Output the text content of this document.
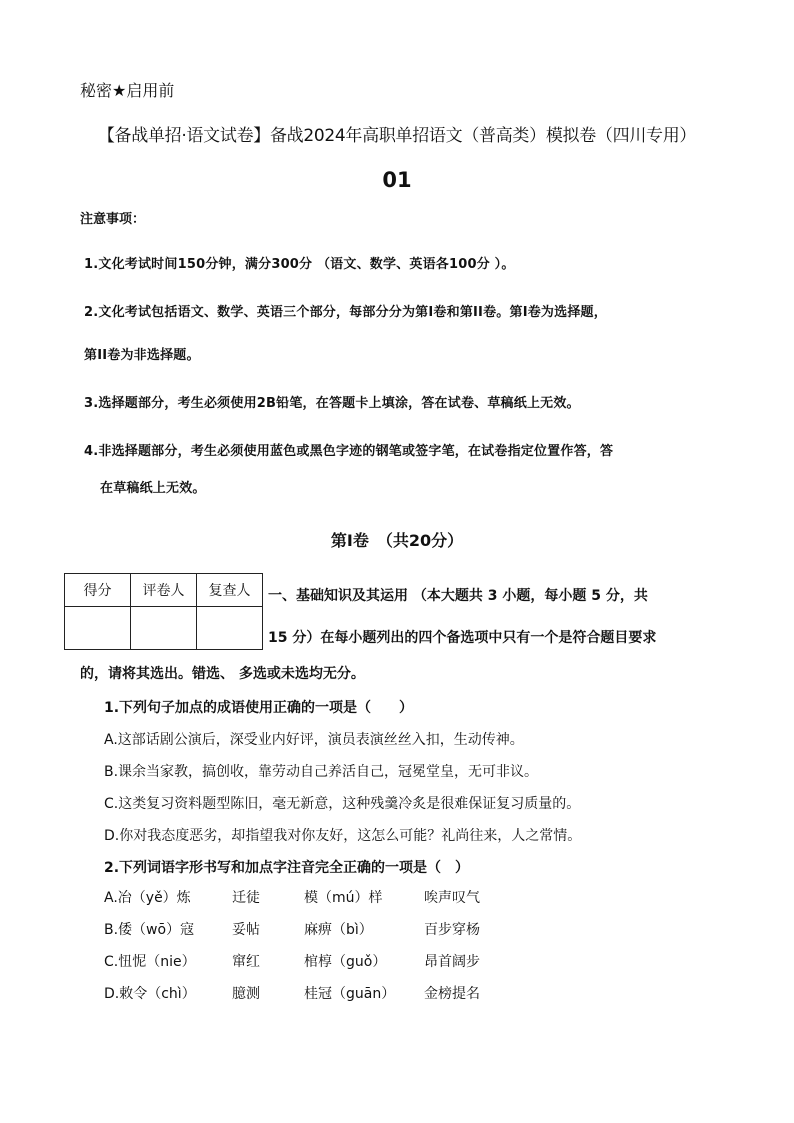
秘密★启用前
【备战单招·语文试卷】备战2024年高职单招语文（普高类）模拟卷（四川专用）
01
注意事项：
1.文化考试时间150分钟，满分300分 （语文、数学、英语各100分 ）。
2.文化考试包括语文、数学、英语三个部分，每部分分为第I卷和第II卷。第I卷为选择题，
第II卷为非选择题。
3.选择题部分，考生必须使用2B铅笔，在答题卡上填涂，答在试卷、草稿纸上无效。
4.非选择题部分，考生必须使用蓝色或黑色字迹的钢笔或签字笔，在试卷指定位置作答，答
在草稿纸上无效。
第Ⅰ卷　（共20分）
得分	评卷人	复查人
		一、基础知识及其运用 （本大题共 3 小题，每小题 5 分，共
15 分）在每小题列出的四个备选项中只有一个是符合题目要求
的，请将其选出。错选、 多选或未选均无分。
1.下列句子加点的成语使用正确的一项是（　　）
A.这部话剧公演后，深受业内好评，演员表演丝丝入扣，生动传神。
B.课余当家教，搞创收，靠劳动自己养活自己，冠冕堂皇，无可非议。
C.这类复习资料题型陈旧，毫无新意，这种残羹冷炙是很难保证复习质量的。
D.你对我态度恶劣，却指望我对你友好，这怎么可能？礼尚往来，人之常情。
2.下列词语字形书写和加点字注音完全正确的一项是（　）
A.冶（yě）炼	迁徒	模（mú）样	唉声叹气
B.倭（wō）寇	妥帖	麻痹（bì）	百步穿杨
C.忸怩（nie）	窜红	棺椁（guǒ）	昂首阔步
D.敕令（chì）	臆测	桂冠（guān） 金榜提名
